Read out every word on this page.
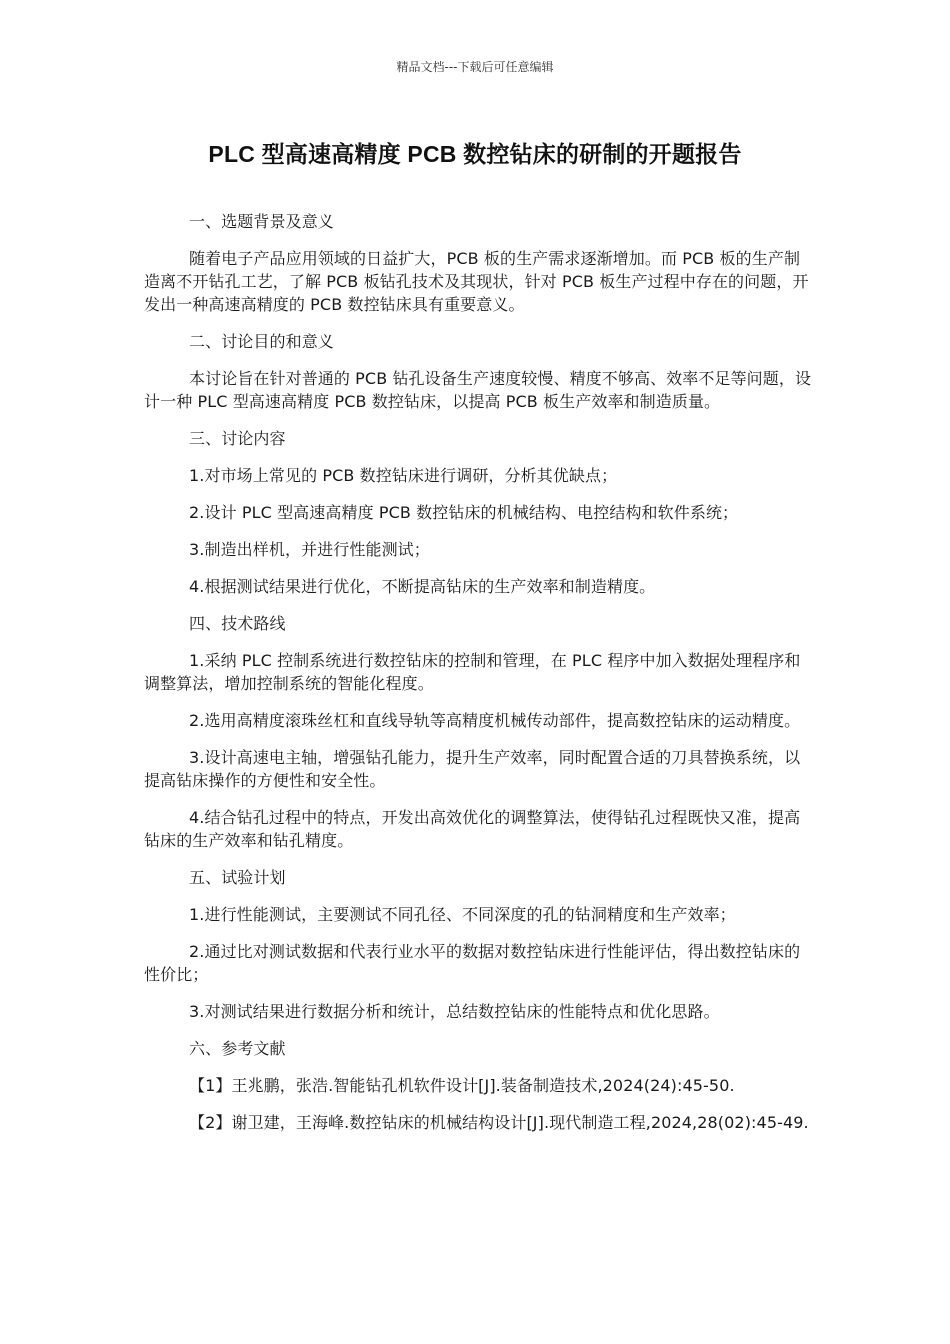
精品文档---下载后可任意编辑
PLC 型高速高精度 PCB 数控钻床的研制的开题报告

一、选题背景及意义

随着电子产品应用领域的日益扩大，PCB 板的生产需求逐渐增加。而 PCB 板的生产制造离不开钻孔工艺，了解 PCB 板钻孔技术及其现状，针对 PCB 板生产过程中存在的问题，开发出一种高速高精度的 PCB 数控钻床具有重要意义。

二、讨论目的和意义

本讨论旨在针对普通的 PCB 钻孔设备生产速度较慢、精度不够高、效率不足等问题，设计一种 PLC 型高速高精度 PCB 数控钻床，以提高 PCB 板生产效率和制造质量。

三、讨论内容

1.对市场上常见的 PCB 数控钻床进行调研，分析其优缺点；

2.设计 PLC 型高速高精度 PCB 数控钻床的机械结构、电控结构和软件系统；

3.制造出样机，并进行性能测试；

4.根据测试结果进行优化，不断提高钻床的生产效率和制造精度。

四、技术路线

1.采纳 PLC 控制系统进行数控钻床的控制和管理，在 PLC 程序中加入数据处理程序和调整算法，增加控制系统的智能化程度。

2.选用高精度滚珠丝杠和直线导轨等高精度机械传动部件，提高数控钻床的运动精度。

3.设计高速电主轴，增强钻孔能力，提升生产效率，同时配置合适的刀具替换系统，以提高钻床操作的方便性和安全性。

4.结合钻孔过程中的特点，开发出高效优化的调整算法，使得钻孔过程既快又准，提高钻床的生产效率和钻孔精度。

五、试验计划

1.进行性能测试，主要测试不同孔径、不同深度的孔的钻洞精度和生产效率；

2.通过比对测试数据和代表行业水平的数据对数控钻床进行性能评估，得出数控钻床的性价比；

3.对测试结果进行数据分析和统计，总结数控钻床的性能特点和优化思路。

六、参考文献

【1】王兆鹏，张浩.智能钻孔机软件设计[J].装备制造技术,2024(24):45-50.

【2】谢卫建，王海峰.数控钻床的机械结构设计[J].现代制造工程,2024,28(02):45-49.
